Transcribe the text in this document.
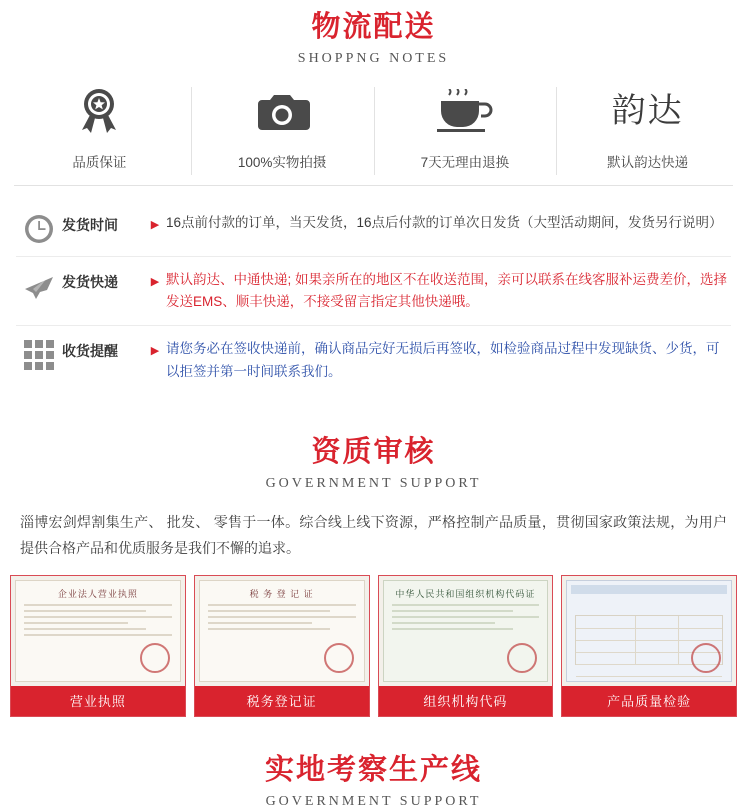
物流配送
SHOPPNG NOTES
品质保证	100%实物拍摄	7天无理由退换
韵达
默认韵达快递
发货时间	▶ 16点前付款的订单，当天发货，16点后付款的订单次日发货（大型活动期间，发货另行说明）
发货快递	▶ 默认韵达、中通快递; 如果亲所在的地区不在收送范围，亲可以联系在线客服补运费差价，选择发送EMS、顺丰快递，不接受留言指定其他快递哦。
收货提醒	▶ 请您务必在签收快递前，确认商品完好无损后再签收，如检验商品过程中发现缺货、少货，可以拒签并第一时间联系我们。
资质审核
GOVERNMENT SUPPORT
淄博宏剑焊割集生产、 批发、 零售于一体。综合线上线下资源，严格控制产品质量，贯彻国家政策法规，为用户提供合格产品和优质服务是我们不懈的追求。
企业法人营业执照
营业执照
税 务 登 记 证
税务登记证
中华人民共和国组织机构代码证
组织机构代码	产品质量检验
实地考察生产线
GOVERNMENT SUPPORT
